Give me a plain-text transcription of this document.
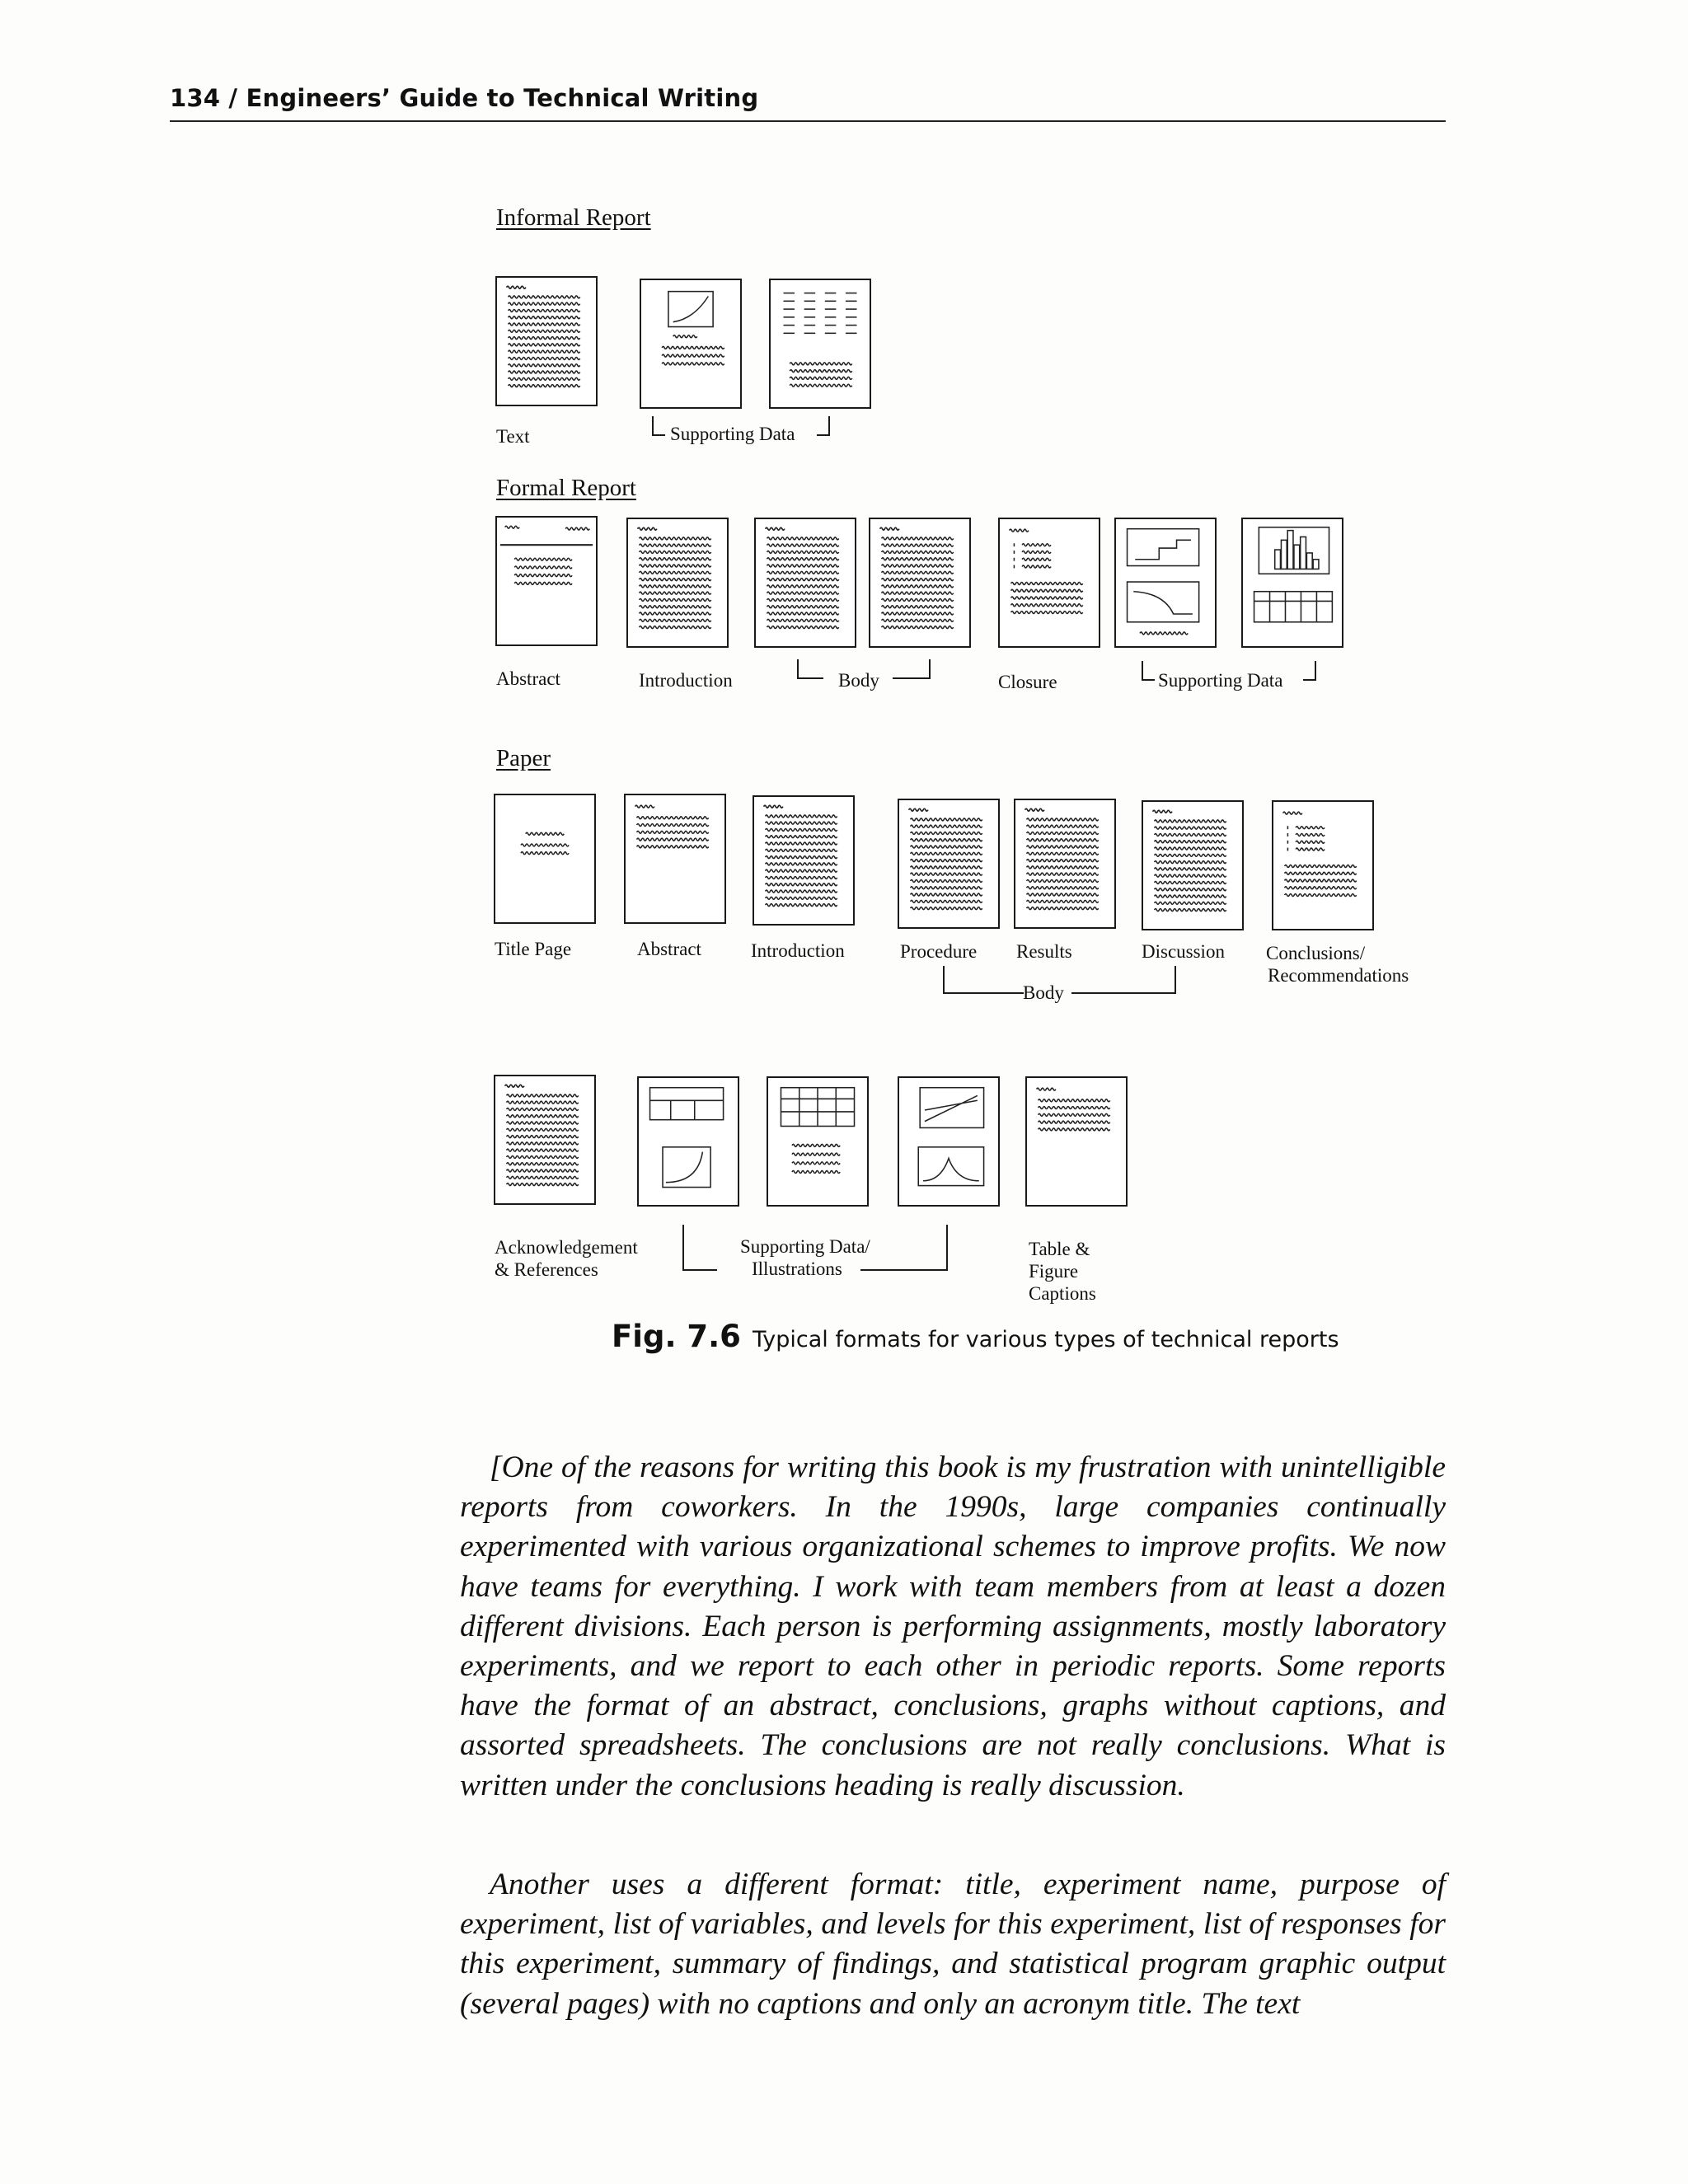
134 / Engineers’ Guide to Technical Writing
Informal Report
Text	Supporting Data
Formal Report
Abstract	Introduction	Body	Closure	Supporting Data
Paper
Title Page	Abstract	Introduction	Procedure Results	Discussion Conclusions/
Recommendations
Body
Acknowledgement
& References
Supporting Data/
Illustrations
Table &
Figure
Captions
Fig. 7.6 Typical formats for various types of technical reports

[One of the reasons for writing this book is my frustration with unintelligible reports from coworkers. In the 1990s, large companies continually experimented with various organizational schemes to improve profits. We now have teams for everything. I work with team members from at least a dozen different divisions. Each person is performing assignments, mostly laboratory experiments, and we report to each other in periodic reports. Some reports have the format of an abstract, conclusions, graphs without captions, and assorted spreadsheets. The conclusions are not really conclusions. What is written under the conclusions heading is really discussion.

Another uses a different format: title, experiment name, purpose of experiment, list of variables, and levels for this experiment, list of responses for this experiment, summary of findings, and statistical program graphic output (several pages) with no captions and only an acronym title. The text
